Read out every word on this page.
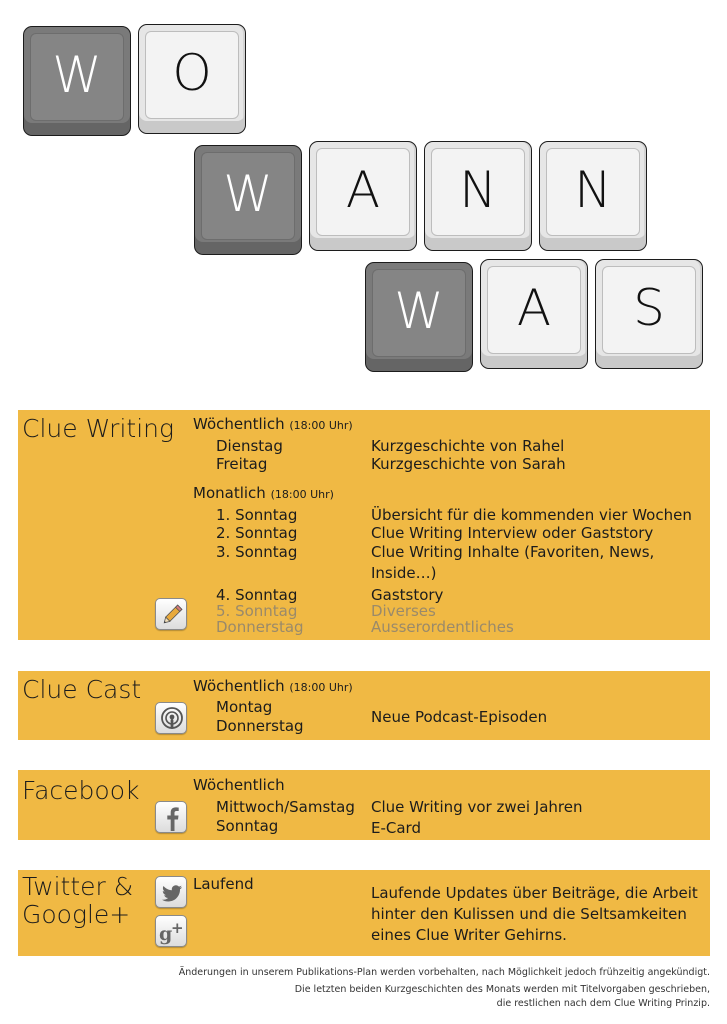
W	O
W	A	N	N
W	A	S
Clue Writing Wöchentlich (18:00 Uhr)
Dienstag	Kurzgeschichte von Rahel
Freitag	Kurzgeschichte von Sarah
Monatlich (18:00 Uhr)
1. Sonntag	Übersicht für die kommenden vier Wochen
2. Sonntag	Clue Writing Interview oder Gaststory
3. Sonntag	Clue Writing Inhalte (Favoriten, News,
Inside…)
4. Sonntag	Gaststory
5. Sonntag	Diverses
Donnerstag	Ausserordentliches
Clue Cast	Wöchentlich (18:00 Uhr)
Montag
Donnerstag	Neue Podcast-Episoden
Facebook	Wöchentlich
Mittwoch/Samstag Clue Writing vor zwei Jahren
Sonntag	E-Card
Twitter &
Google+
Laufend	Laufende Updates über Beiträge, die Arbeit
hinter den Kulissen und die Seltsamkeiten
eines Clue Writer Gehirns.
g
+
Änderungen in unserem Publikations-Plan werden vorbehalten, nach Möglichkeit jedoch frühzeitig angekündigt.
Die letzten beiden Kurzgeschichten des Monats werden mit Titelvorgaben geschrieben,
die restlichen nach dem Clue Writing Prinzip.
